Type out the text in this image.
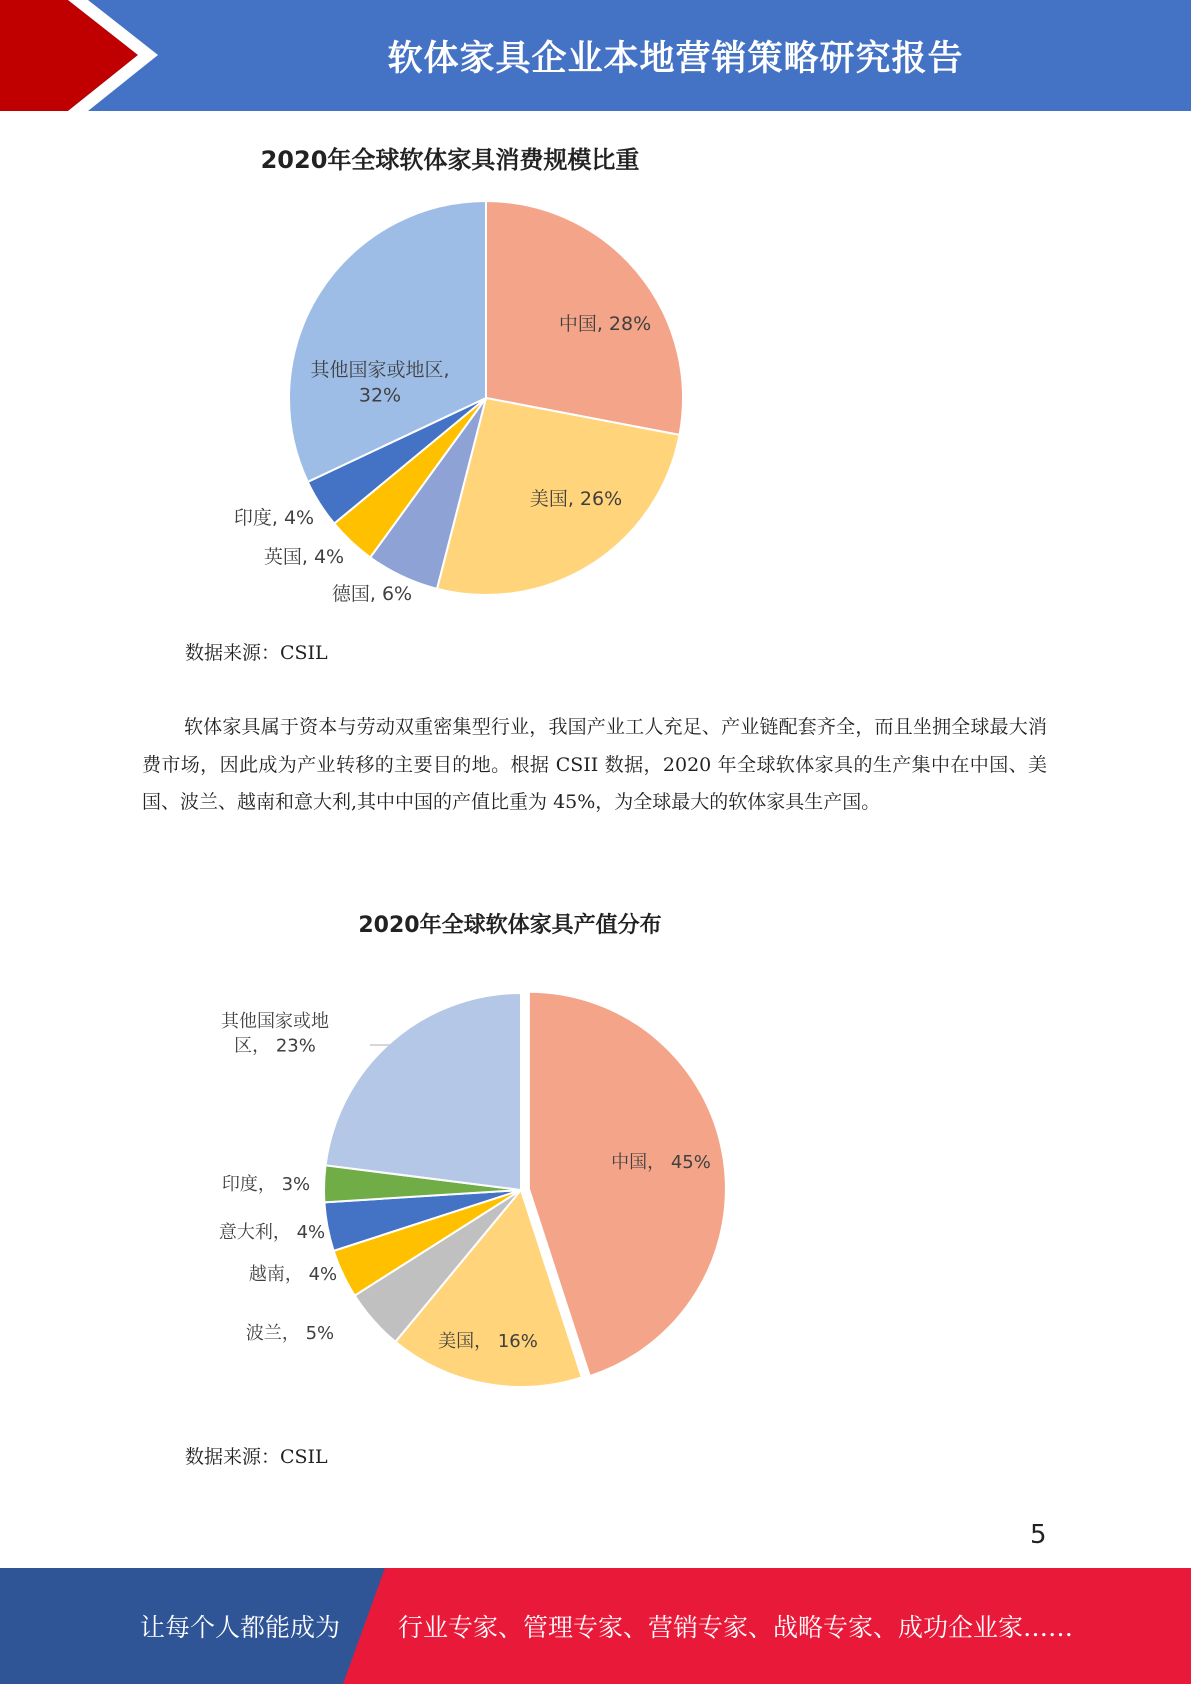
软体家具企业本地营销策略研究报告
2020年全球软体家具消费规模比重
中国, 28%
美国, 26%
德国, 6%
英国, 4%
印度, 4%
其他国家或地区, 32%
数据来源：CSIL
软体家具属于资本与劳动双重密集型行业，我国产业工人充足、产业链配套齐全，而且坐拥全球最大消费市场，因此成为产业转移的主要目的地。根据 CSII 数据，2020 年全球软体家具的生产集中在中国、美国、波兰、越南和意大利,其中中国的产值比重为 45%，为全球最大的软体家具生产国。
2020年全球软体家具产值分布
中国， 45%
美国， 16%
波兰， 5%
越南， 4%
意大利， 4%
印度， 3%
其他国家或地区， 23%
数据来源：CSIL
5
让每个人都能成为 行业专家、管理专家、营销专家、战略专家、成功企业家……
